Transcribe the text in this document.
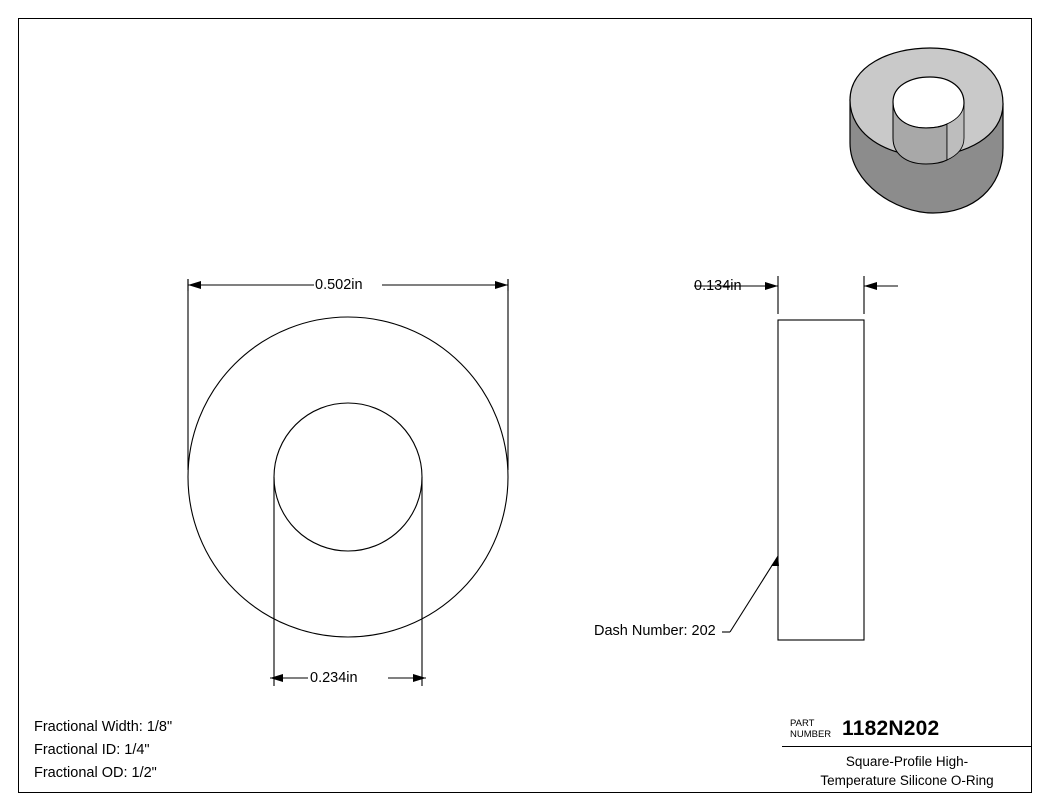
0.502in
0.234in
0.134in
Dash Number: 202
Fractional Width: 1/8"
Fractional ID: 1/4"
Fractional OD: 1/2"
PART
NUMBER 1182N202
Square-Profile High-
Temperature Silicone O-Ring
